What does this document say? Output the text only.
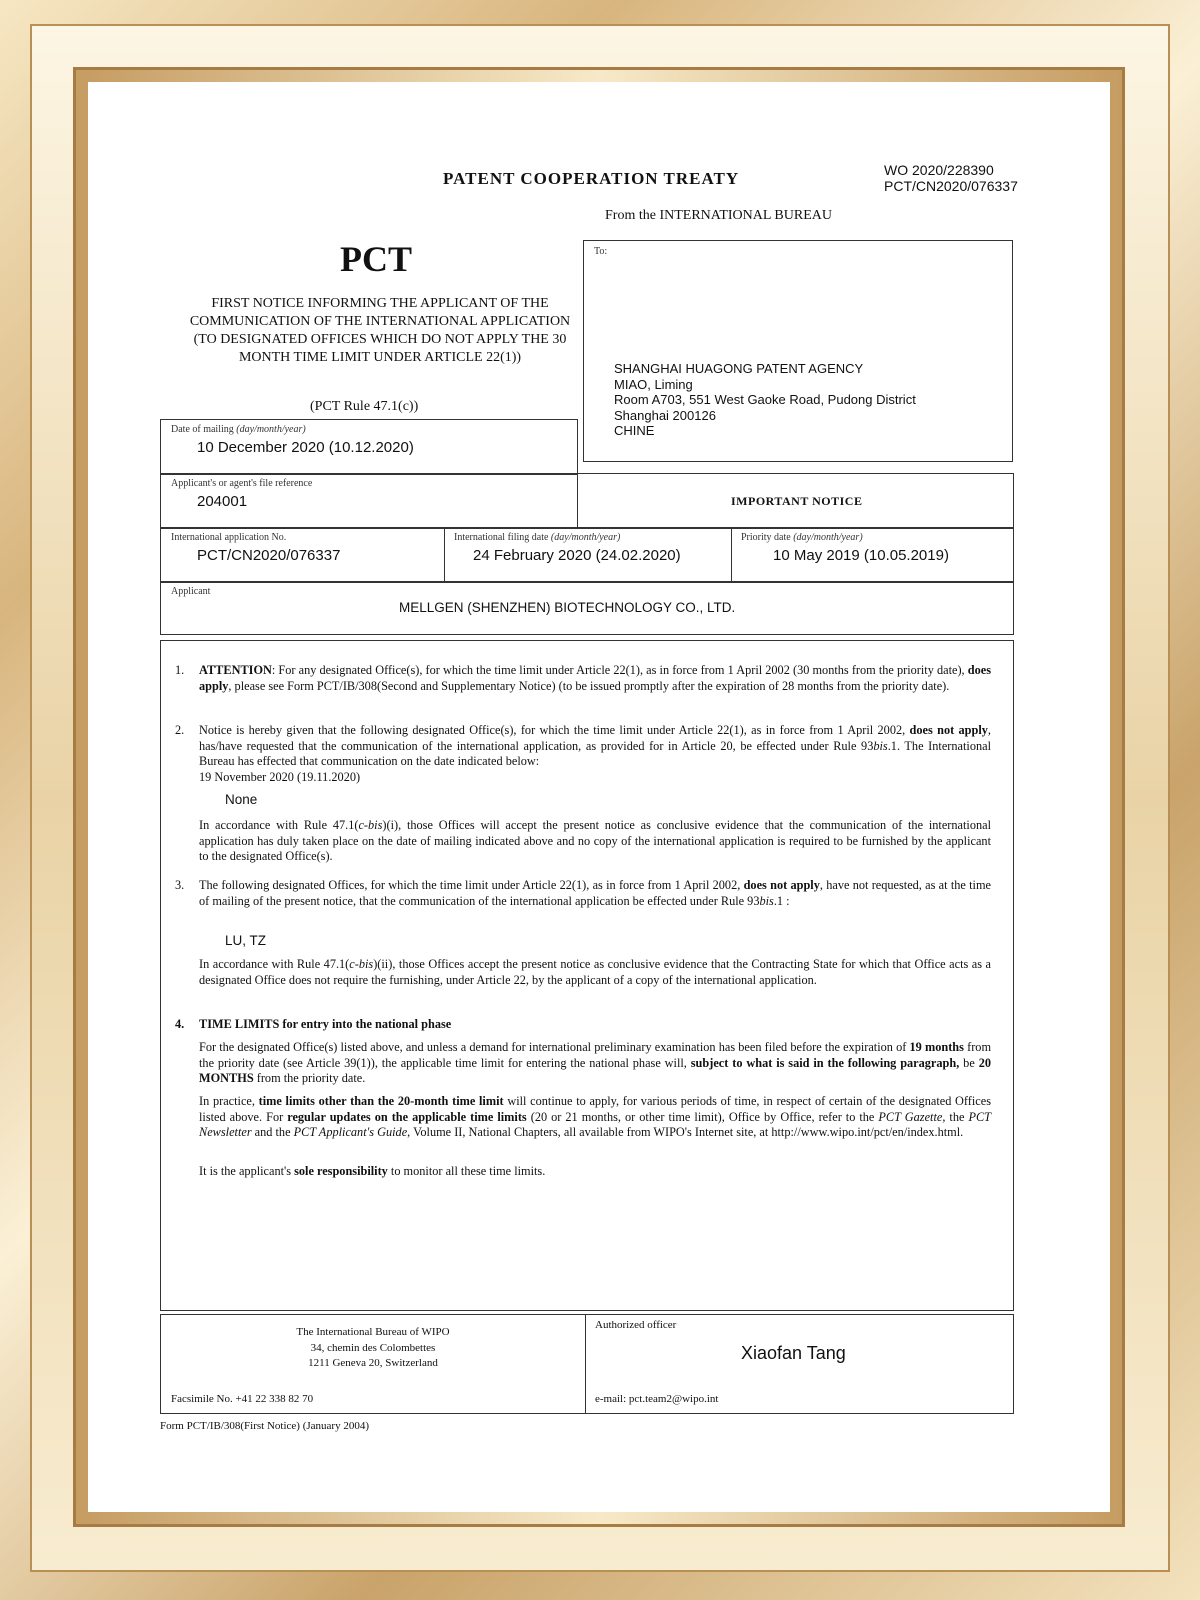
PATENT COOPERATION TREATY	WO 2020/228390
PCT/CN2020/076337
From the INTERNATIONAL BUREAU
PCT
FIRST NOTICE INFORMING THE APPLICANT OF THE COMMUNICATION OF THE INTERNATIONAL APPLICATION (TO DESIGNATED OFFICES WHICH DO NOT APPLY THE 30 MONTH TIME LIMIT UNDER ARTICLE 22(1))
(PCT Rule 47.1(c))
To:
SHANGHAI HUAGONG PATENT AGENCY
MIAO, Liming
Room A703, 551 West Gaoke Road, Pudong District
Shanghai 200126
CHINE
Date of mailing (day/month/year)
10 December 2020 (10.12.2020)
Applicant's or agent's file reference
204001	IMPORTANT NOTICE
International application No.
PCT/CN2020/076337
International filing date (day/month/year)
24 February 2020 (24.02.2020)
Priority date (day/month/year)
10 May 2019 (10.05.2019)
Applicant
MELLGEN (SHENZHEN) BIOTECHNOLOGY CO., LTD.
1. ATTENTION: For any designated Office(s), for which the time limit under Article 22(1), as in force from 1 April 2002 (30 months from the priority date), does apply, please see Form PCT/IB/308(Second and Supplementary Notice) (to be issued promptly after the expiration of 28 months from the priority date).
2. Notice is hereby given that the following designated Office(s), for which the time limit under Article 22(1), as in force from 1 April 2002, does not apply, has/have requested that the communication of the international application, as provided for in Article 20, be effected under Rule 93bis.1. The International Bureau has effected that communication on the date indicated below:
19 November 2020 (19.11.2020)
None
In accordance with Rule 47.1(c-bis)(i), those Offices will accept the present notice as conclusive evidence that the communication of the international application has duly taken place on the date of mailing indicated above and no copy of the international application is required to be furnished by the applicant to the designated Office(s).
3. The following designated Offices, for which the time limit under Article 22(1), as in force from 1 April 2002, does not apply, have not requested, as at the time of mailing of the present notice, that the communication of the international application be effected under Rule 93bis.1 :
LU, TZ
In accordance with Rule 47.1(c-bis)(ii), those Offices accept the present notice as conclusive evidence that the Contracting State for which that Office acts as a designated Office does not require the furnishing, under Article 22, by the applicant of a copy of the international application.
4. TIME LIMITS for entry into the national phase
For the designated Office(s) listed above, and unless a demand for international preliminary examination has been filed before the expiration of 19 months from the priority date (see Article 39(1)), the applicable time limit for entering the national phase will, subject to what is said in the following paragraph, be 20 MONTHS from the priority date.
In practice, time limits other than the 20-month time limit will continue to apply, for various periods of time, in respect of certain of the designated Offices listed above. For regular updates on the applicable time limits (20 or 21 months, or other time limit), Office by Office, refer to the PCT Gazette, the PCT Newsletter and the PCT Applicant's Guide, Volume II, National Chapters, all available from WIPO's Internet site, at http://www.wipo.int/pct/en/index.html.
It is the applicant's sole responsibility to monitor all these time limits.
The International Bureau of WIPO
34, chemin des Colombettes
1211 Geneva 20, Switzerland
Facsimile No. +41 22 338 82 70
Authorized officer
Xiaofan Tang
e-mail: pct.team2@wipo.int
Form PCT/IB/308(First Notice) (January 2004)
